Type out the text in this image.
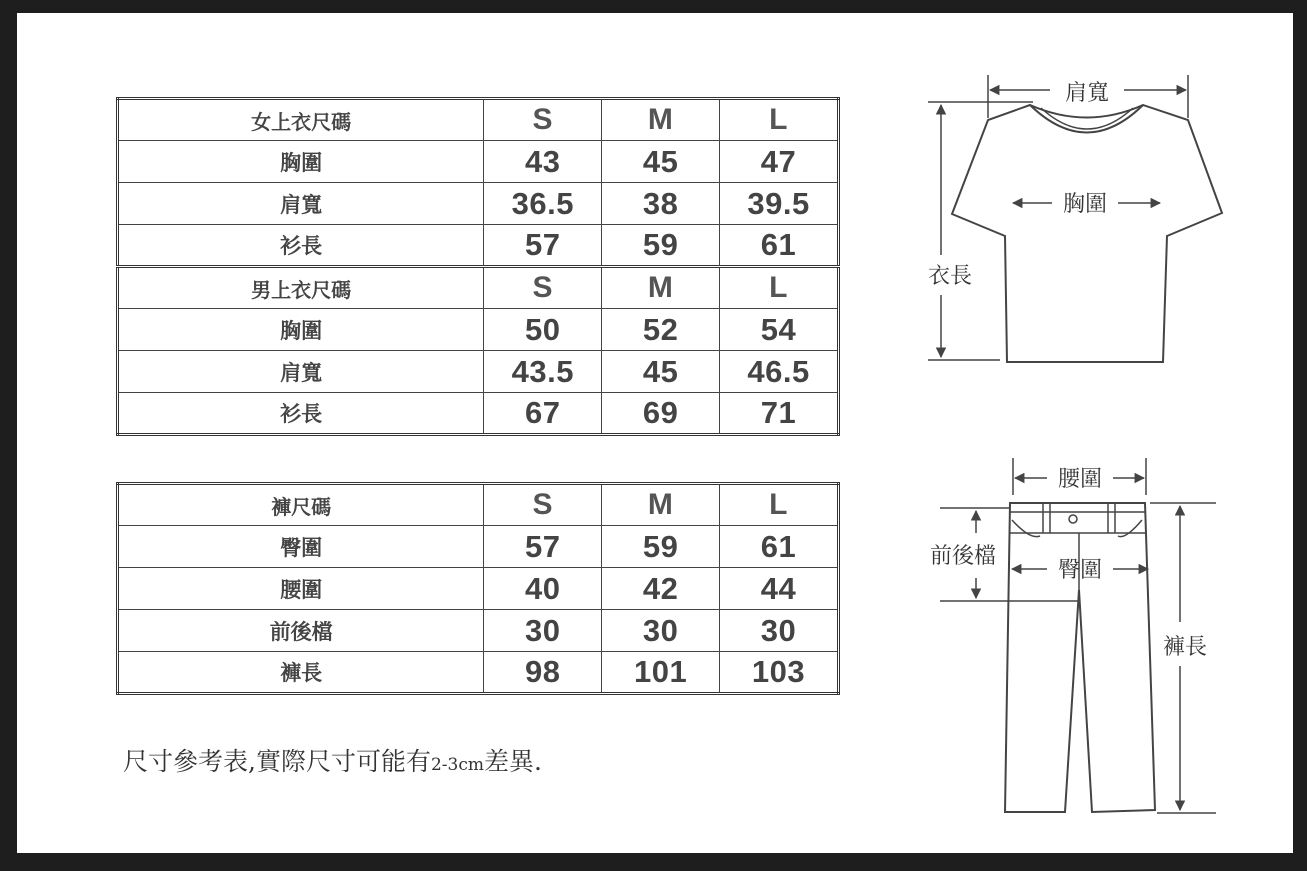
女上衣尺碼	S	M	L
胸圍	43	45	47
肩寬	36.5	38	39.5
衫長	57	59	61
男上衣尺碼	S	M	L
胸圍	50	52	54
肩寬	43.5	45	46.5
衫長	67	69	71
褲尺碼	S	M	L
臀圍	57	59	61
腰圍	40	42	44
前後檔	30	30	30
褲長	98	101	103
尺寸參考表,實際尺寸可能有2-3cm差異.
肩寬
胸圍
衣長
腰圍
臀圍
前後檔
褲長
